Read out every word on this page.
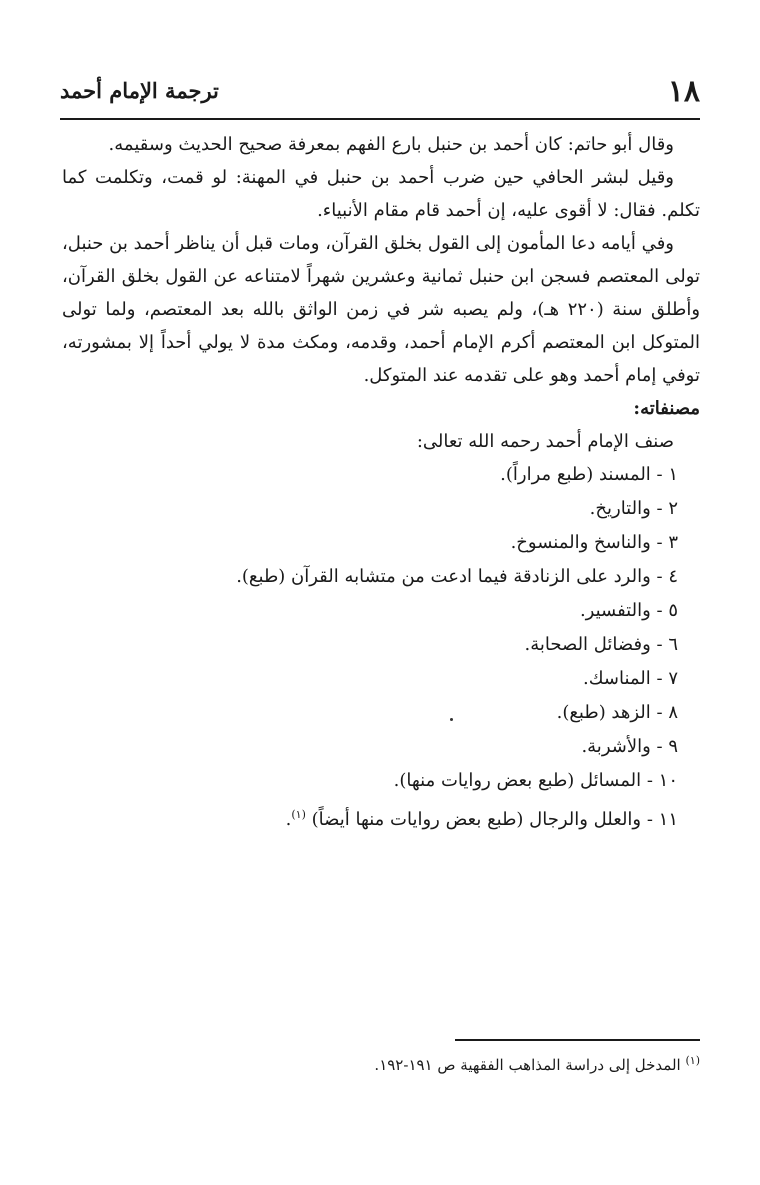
١٨
ترجمة الإمام أحمد

وقال أبو حاتم: كان أحمد بن حنبل بارع الفهم بمعرفة صحيح الحديث وسقيمه.

وقيل لبشر الحافي حين ضرب أحمد بن حنبل في المهنة: لو قمت، وتكلمت كما تكلم. فقال: لا أقوى عليه، إن أحمد قام مقام الأنبياء.

وفي أيامه دعا المأمون إلى القول بخلق القرآن، ومات قبل أن يناظر أحمد بن حنبل، تولى المعتصم فسجن ابن حنبل ثمانية وعشرين شهراً لامتناعه عن القول بخلق القرآن، وأطلق سنة (٢٢٠ هـ)، ولم يصبه شر في زمن الواثق بالله بعد المعتصم، ولما تولى المتوكل ابن المعتصم أكرم الإمام أحمد، وقدمه، ومكث مدة لا يولي أحداً إلا بمشورته، توفي إمام أحمد وهو على تقدمه عند المتوكل.

مصنفاته:

صنف الإمام أحمد رحمه الله تعالى:

١ - المسند (طبع مراراً).
٢ - والتاريخ.
٣ - والناسخ والمنسوخ.
٤ - والرد على الزنادقة فيما ادعت من متشابه القرآن (طبع).
٥ - والتفسير.
٦ - وفضائل الصحابة.
٧ - المناسك.
٨ - الزهد (طبع).
٩ - والأشربة.
١٠ - المسائل (طبع بعض روايات منها).
١١ - والعلل والرجال (طبع بعض روايات منها أيضاً) $^{(١)}$.
$^{(١)}$ المدخل إلى دراسة المذاهب الفقهية ص ١٩١-١٩٢.
